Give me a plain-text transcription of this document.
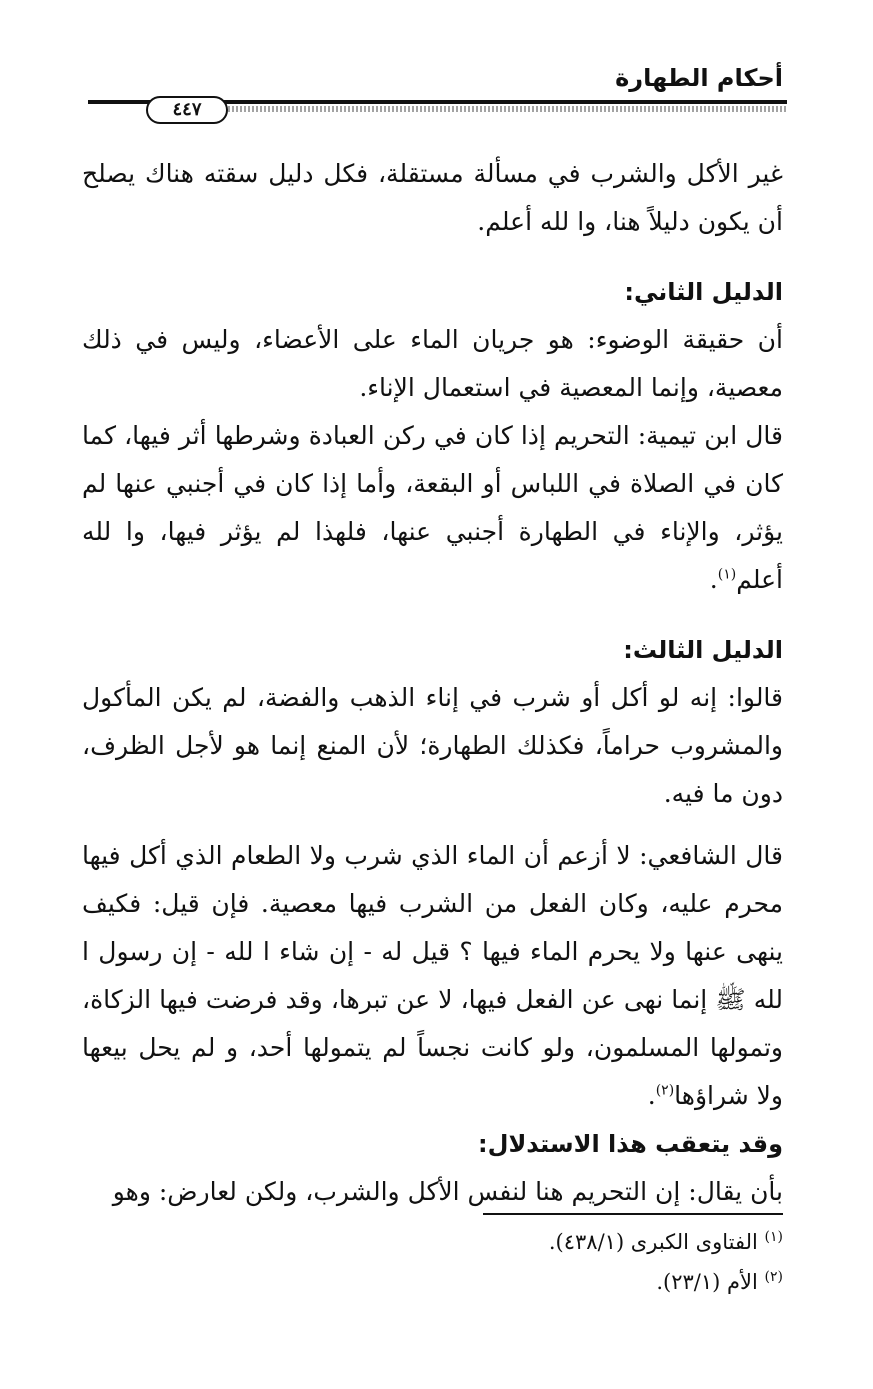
أحكام الطهارة
٤٤٧

غير الأكل والشرب في مسألة مستقلة، فكل دليل سقته هناك يصلح أن يكون دليلاً هنا، وا لله أعلم.

الدليل الثاني:

أن حقيقة الوضوء: هو جريان الماء على الأعضاء، وليس في ذلك معصية، وإنما المعصية في استعمال الإناء.

قال ابن تيمية: التحريم إذا كان في ركن العبادة وشرطها أثر فيها، كما كان في الصلاة في اللباس أو البقعة، وأما إذا كان في أجنبي عنها لم يؤثر، والإناء في الطهارة أجنبي عنها، فلهذا لم يؤثر فيها، وا لله أعلم$^{(١)}$.

الدليل الثالث:

قالوا: إنه لو أكل أو شرب في إناء الذهب والفضة، لم يكن المأكول والمشروب حراماً، فكذلك الطهارة؛ لأن المنع إنما هو لأجل الظرف، دون ما فيه.

قال الشافعي: لا أزعم أن الماء الذي شرب ولا الطعام الذي أكل فيها محرم عليه، وكان الفعل من الشرب فيها معصية. فإن قيل: فكيف ينهى عنها ولا يحرم الماء فيها ؟ قيل له - إن شاء ا لله - إن رسول ا لله ﷺ إنما نهى عن الفعل فيها، لا عن تبرها، وقد فرضت فيها الزكاة، وتمولها المسلمون، ولو كانت نجساً لم يتمولها أحد، و لم يحل بيعها ولا شراؤها$^{(٢)}$.

وقد يتعقب هذا الاستدلال:

بأن يقال: إن التحريم هنا لنفس الأكل والشرب، ولكن لعارض: وهو

$^{(١)}$ الفتاوى الكبرى (٤٣٨/١).

$^{(٢)}$ الأم (٢٣/١).
